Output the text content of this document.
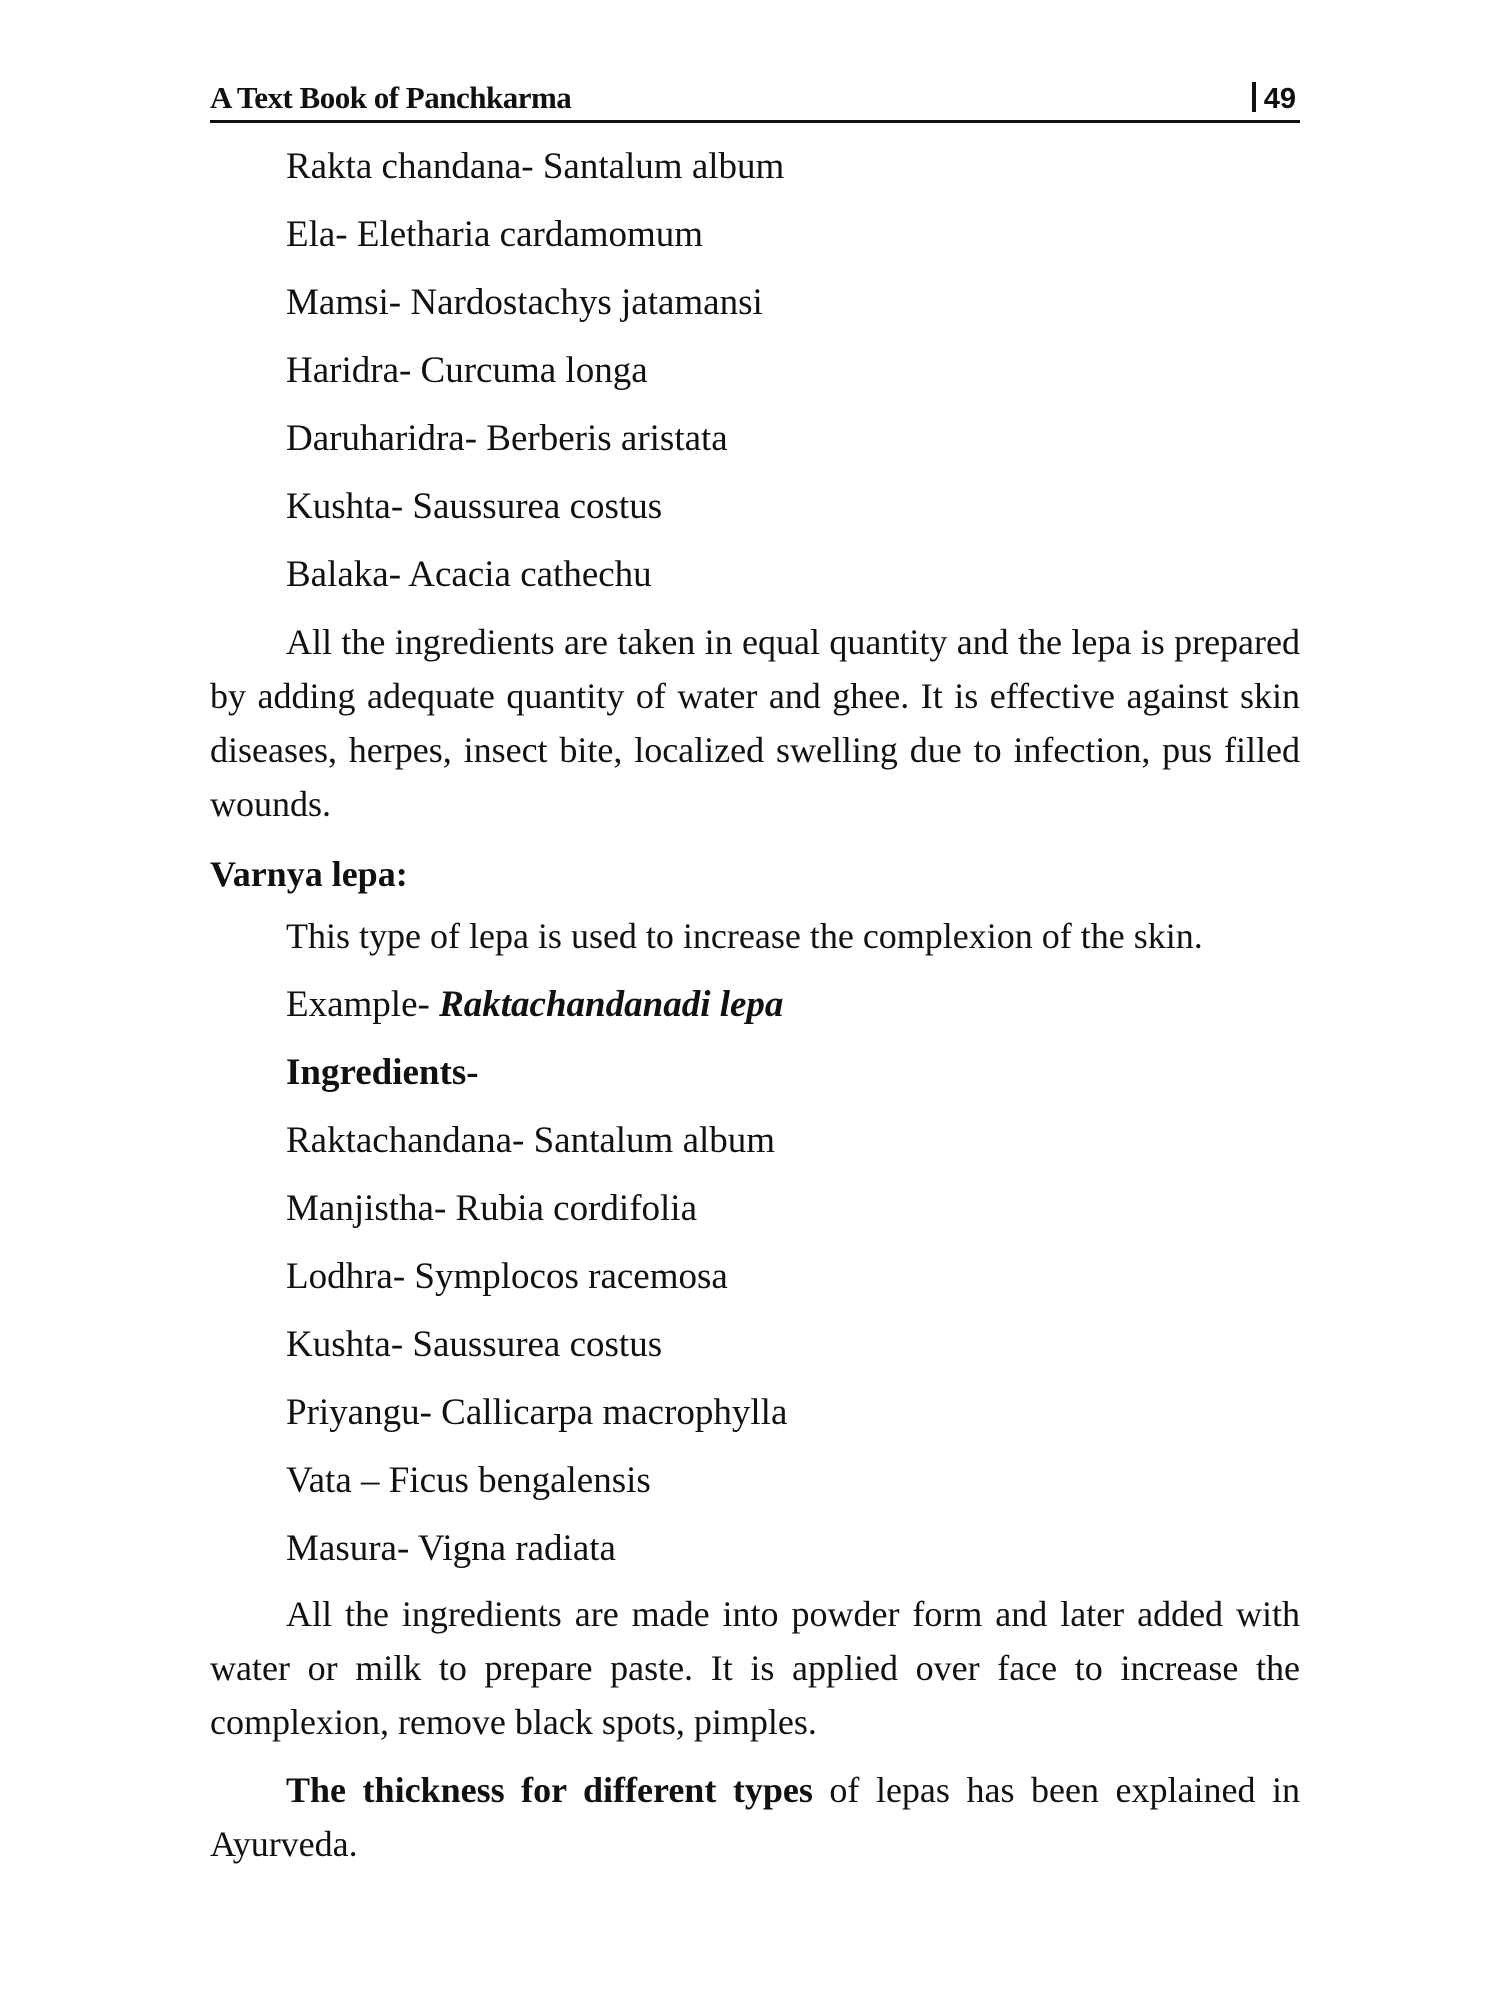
A Text Book of Panchkarma	49
Rakta chandana- Santalum album
Ela- Eletharia cardamomum
Mamsi- Nardostachys jatamansi
Haridra- Curcuma longa
Daruharidra- Berberis aristata
Kushta- Saussurea costus
Balaka- Acacia cathechu

All the ingredients are taken in equal quantity and the lepa is prepared by adding adequate quantity of water and ghee. It is effective against skin diseases, herpes, insect bite, localized swelling due to infection, pus filled wounds.

Varnya lepa:

This type of lepa is used to increase the complexion of the skin.

Example- Raktachandanadi lepa
Ingredients-
Raktachandana- Santalum album
Manjistha- Rubia cordifolia
Lodhra- Symplocos racemosa
Kushta- Saussurea costus
Priyangu- Callicarpa macrophylla
Vata – Ficus bengalensis
Masura- Vigna radiata

All the ingredients are made into powder form and later added with water or milk to prepare paste. It is applied over face to increase the complexion, remove black spots, pimples.

The thickness for different types of lepas has been explained in Ayurveda.
